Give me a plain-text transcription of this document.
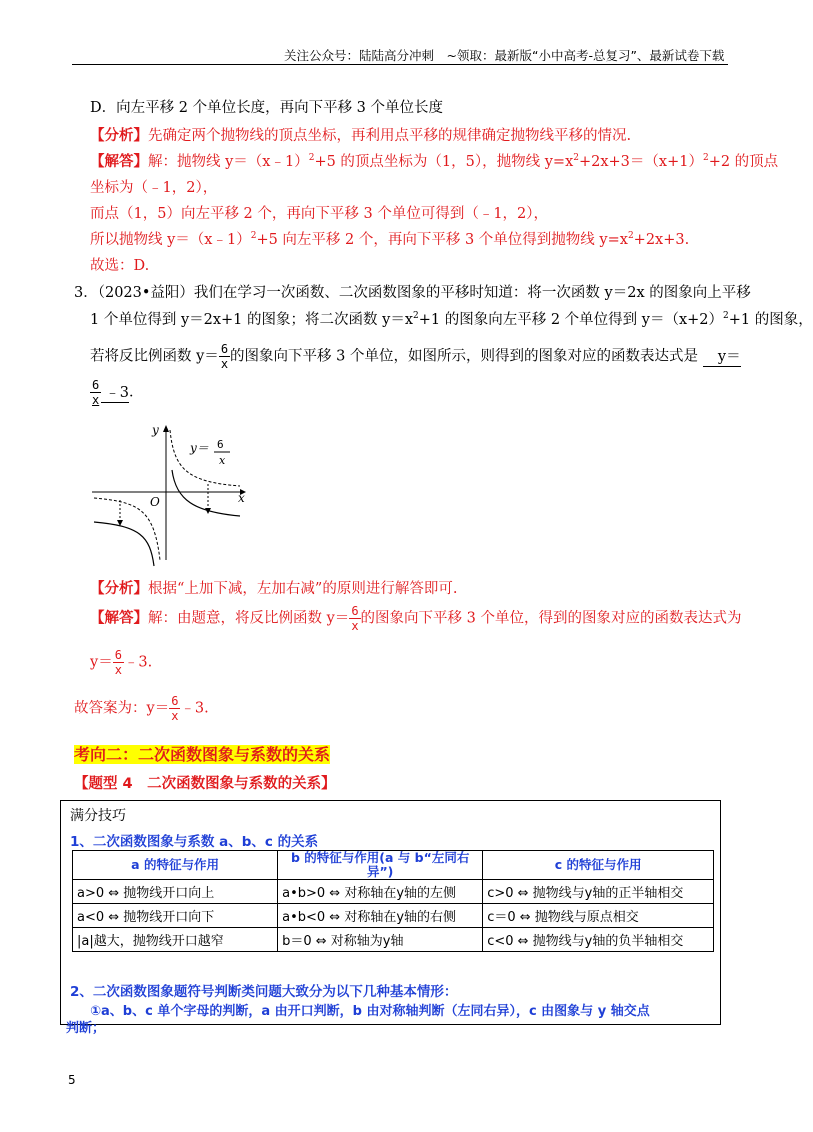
关注公众号：陆陆高分冲刺　~领取：最新版“小中高考-总复习”、最新试卷下载
D．向左平移 2 个单位长度，再向下平移 3 个单位长度
【分析】先确定两个抛物线的顶点坐标，再利用点平移的规律确定抛物线平移的情况.
【解答】解：抛物线 y＝（x﹣1）$^2$+5 的顶点坐标为（1，5），抛物线 $y=x^2+2x+3=(x+1)^2+2$ 的顶点
坐标为（﹣1，2），
而点（1，5）向左平移 2 个，再向下平移 3 个单位可得到（﹣1，2），
所以抛物线 y＝（x﹣1）$^2$+5 向左平移 2 个，再向下平移 3 个单位得到抛物线 $y=x^2+2x+3$.
故选：D.
3．（2023•益阳）我们在学习一次函数、二次函数图象的平移时知道：将一次函数 y＝2x 的图象向上平移
1 个单位得到 y＝2x+1 的图象；将二次函数 $y=x^2+1$ 的图象向左平移 2 个单位得到 $y=(x+2)^2+1$ 的图象，
若将反比例函数 $y= \frac{6}{x}$ 的图象向下平移 3 个单位，如图所示，则得到的图象对应的函数表达式是 y＝
$\frac{6}{x}$ ﹣3．
y
x
O
y＝ 6
x
【分析】根据“上加下减，左加右减”的原则进行解答即可.
【解答】解：由题意，将反比例函数 $y= \frac{6}{x}$ 的图象向下平移 3 个单位，得到的图象对应的函数表达式为
$y= \frac{6}{x}$ ﹣3.
故答案为：$y= \frac{6}{x}$ ﹣3.
考向二：二次函数图象与系数的关系
【题型 4　二次函数图象与系数的关系】
满分技巧
1、二次函数图象与系数 a、b、c 的关系
a 的特征与作用	b 的特征与作用(a 与 b“左同右异”)	c 的特征与作用
a>0 ⇔ 抛物线开口向上	a•b>0 ⇔ 对称轴在y轴的左侧	c>0 ⇔ 抛物线与y轴的正半轴相交
a<0 ⇔ 抛物线开口向下	a•b<0 ⇔ 对称轴在y轴的右侧	c＝0 ⇔ 抛物线与原点相交
|a|越大，抛物线开口越窄	b＝0 ⇔ 对称轴为y轴	c<0 ⇔ 抛物线与y轴的负半轴相交
2、二次函数图象题符号判断类问题大致分为以下几种基本情形：
①a、b、c 单个字母的判断，a 由开口判断，b 由对称轴判断（左同右异），c 由图象与 y 轴交点
判断；
5
